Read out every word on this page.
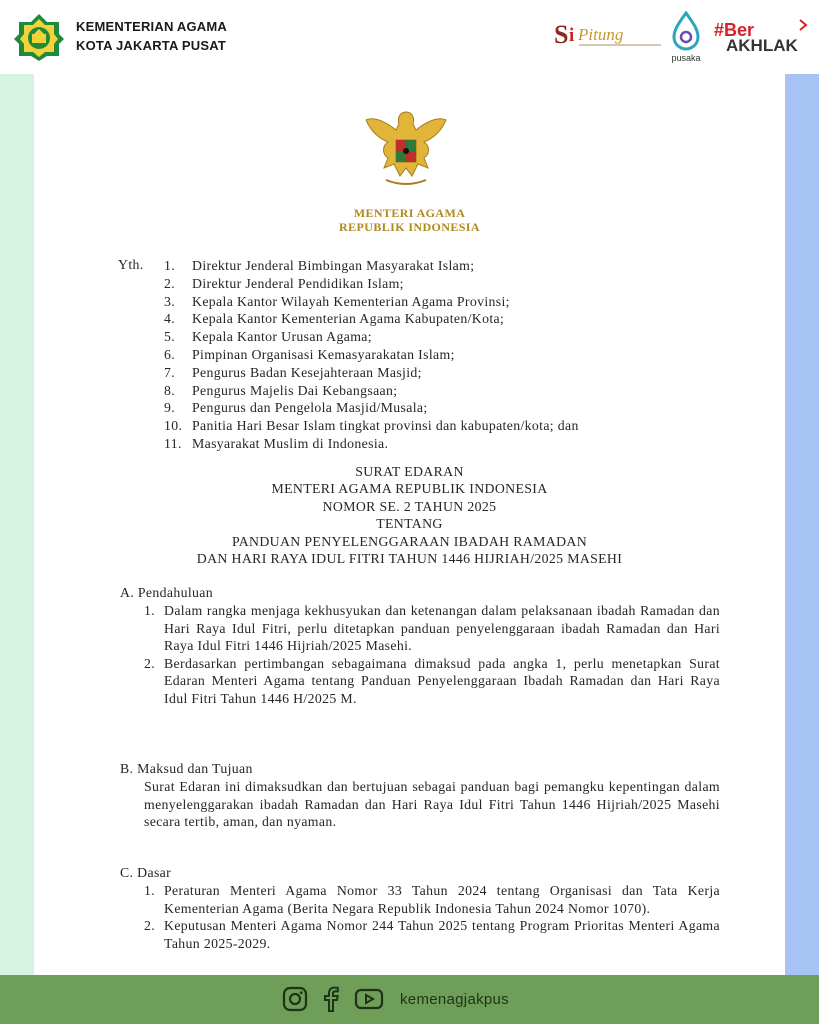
KEMENTERIAN AGAMA
KOTA JAKARTA PUSAT	S i Pitung
pusaka
#Ber
AKHLAK
MENTERI AGAMA
REPUBLIK INDONESIA
Yth. 1. Direktur Jenderal Bimbingan Masyarakat Islam;
2. Direktur Jenderal Pendidikan Islam;
3. Kepala Kantor Wilayah Kementerian Agama Provinsi;
4. Kepala Kantor Kementerian Agama Kabupaten/Kota;
5. Kepala Kantor Urusan Agama;
6. Pimpinan Organisasi Kemasyarakatan Islam;
7. Pengurus Badan Kesejahteraan Masjid;
8. Pengurus Majelis Dai Kebangsaan;
9. Pengurus dan Pengelola Masjid/Musala;
10. Panitia Hari Besar Islam tingkat provinsi dan kabupaten/kota; dan
11. Masyarakat Muslim di Indonesia.
SURAT EDARAN
MENTERI AGAMA REPUBLIK INDONESIA
NOMOR SE. 2 TAHUN 2025
TENTANG
PANDUAN PENYELENGGARAAN IBADAH RAMADAN
DAN HARI RAYA IDUL FITRI TAHUN 1446 HIJRIAH/2025 MASEHI
A. Pendahuluan
1. Dalam rangka menjaga kekhusyukan dan ketenangan dalam pelaksanaan ibadah Ramadan dan Hari Raya Idul Fitri, perlu ditetapkan panduan penyelenggaraan ibadah Ramadan dan Hari Raya Idul Fitri 1446 Hijriah/2025 Masehi.
2. Berdasarkan pertimbangan sebagaimana dimaksud pada angka 1, perlu menetapkan Surat Edaran Menteri Agama tentang Panduan Penyelenggaraan Ibadah Ramadan dan Hari Raya Idul Fitri Tahun 1446 H/2025 M.
B. Maksud dan Tujuan
Surat Edaran ini dimaksudkan dan bertujuan sebagai panduan bagi pemangku kepentingan dalam menyelenggarakan ibadah Ramadan dan Hari Raya Idul Fitri Tahun 1446 Hijriah/2025 Masehi secara tertib, aman, dan nyaman.
C. Dasar
1. Peraturan Menteri Agama Nomor 33 Tahun 2024 tentang Organisasi dan Tata Kerja Kementerian Agama (Berita Negara Republik Indonesia Tahun 2024 Nomor 1070).
2. Keputusan Menteri Agama Nomor 244 Tahun 2025 tentang Program Prioritas Menteri Agama Tahun 2025-2029.
kemenagjakpus
